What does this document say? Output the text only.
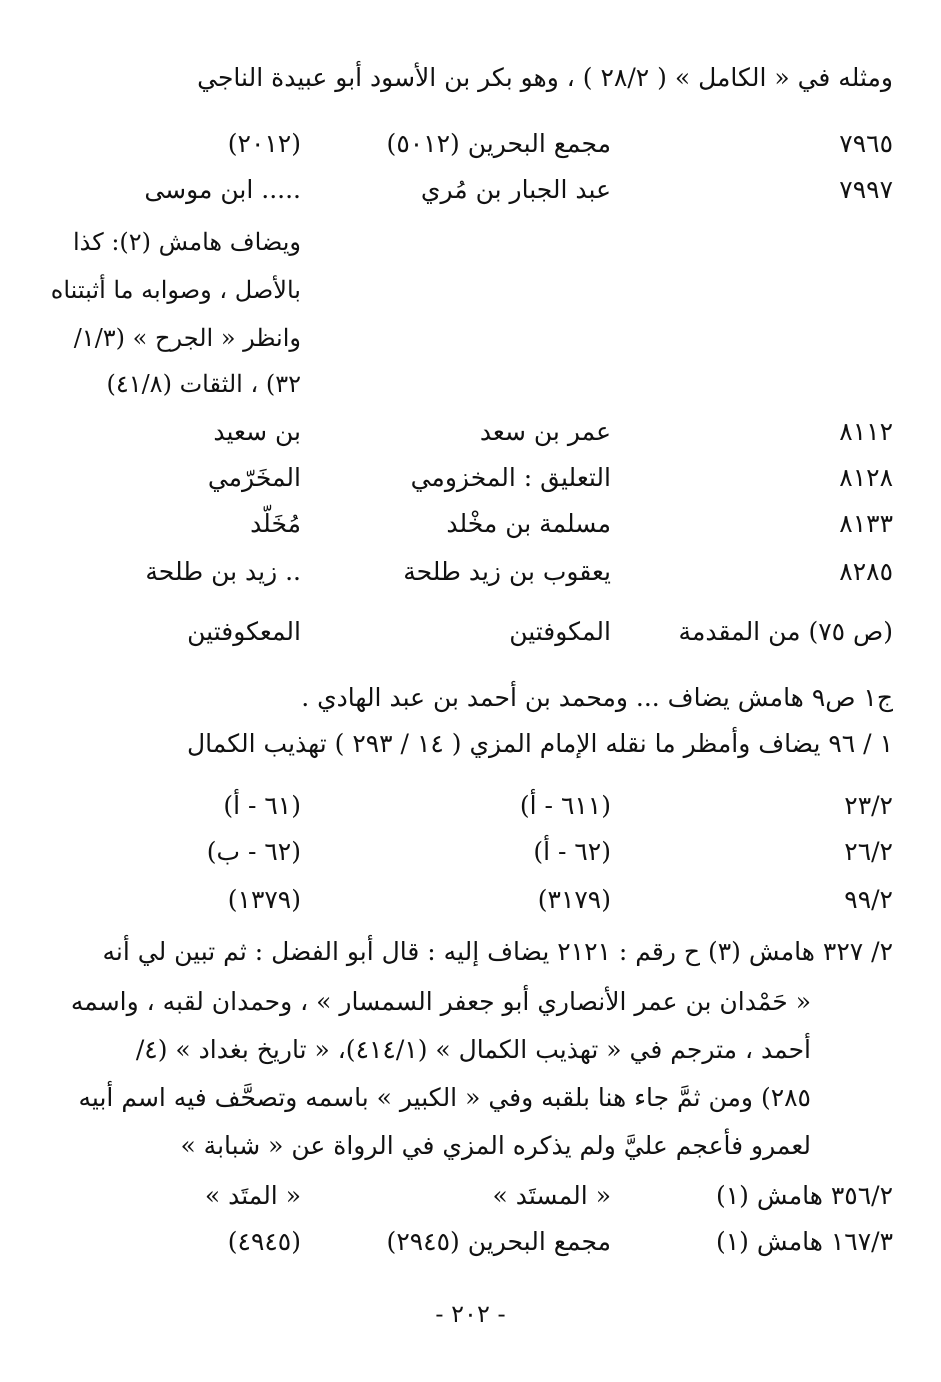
ومثله في « الكامل » ( ٢٨/٢ ) ، وهو بكر بن الأسود أبو عبيدة الناجي
٧٩٦٥
مجمع البحرين (٥٠١٢)
(٢٠١٢)
٧٩٩٧
عبد الجبار بن مُري
..... ابن موسى
ويضاف هامش (٢): كذا
بالأصل ، وصوابه ما أثبتناه
وانظر « الجرح » (١/٣/
٣٢) ، الثقات (٤١/٨)
٨١١٢
عمر بن سعد
بن سعيد
٨١٢٨
التعليق : المخزومي
المخَرّمي
٨١٣٣
مسلمة بن مخْلد
مُخَلّد
٨٢٨٥
يعقوب بن زيد طلحة
.. زيد بن طلحة
(ص ٧٥) من المقدمة
المكوفتين
المعكوفتين
ج١ ص٩ هامش يضاف ... ومحمد بن أحمد بن عبد الهادي .
١ / ٩٦ يضاف وأمظر ما نقله الإمام المزي ( ١٤ / ٢٩٣ ) تهذيب الكمال
٢٣/٢
(٦١١ - أ)
(٦١ - أ)
٢٦/٢
(٦٢ - أ)
(٦٢ - ب)
٩٩/٢
(٣١٧٩)
(١٣٧٩)
٢/ ٣٢٧ هامش (٣) ح رقم : ٢١٢١ يضاف إليه : قال أبو الفضل : ثم تبين لي أنه
« حَمْدان بن عمر الأنصاري أبو جعفر السمسار » ، وحمدان لقبه ، واسمه
أحمد ، مترجم في « تهذيب الكمال » (٤١٤/١)، « تاريخ بغداد » (٤/
٢٨٥) ومن ثمَّ جاء هنا بلقبه وفي « الكبير » باسمه وتصحَّف فيه اسم أبيه
لعمرو فأعجم عليَّ ولم يذكره المزي في الرواة عن « شبابة »
٣٥٦/٢ هامش (١)
« المستَد »
« المتَد »
١٦٧/٣ هامش (١)
مجمع البحرين (٢٩٤٥)
(٤٩٤٥)
- ٢٠٢ -
